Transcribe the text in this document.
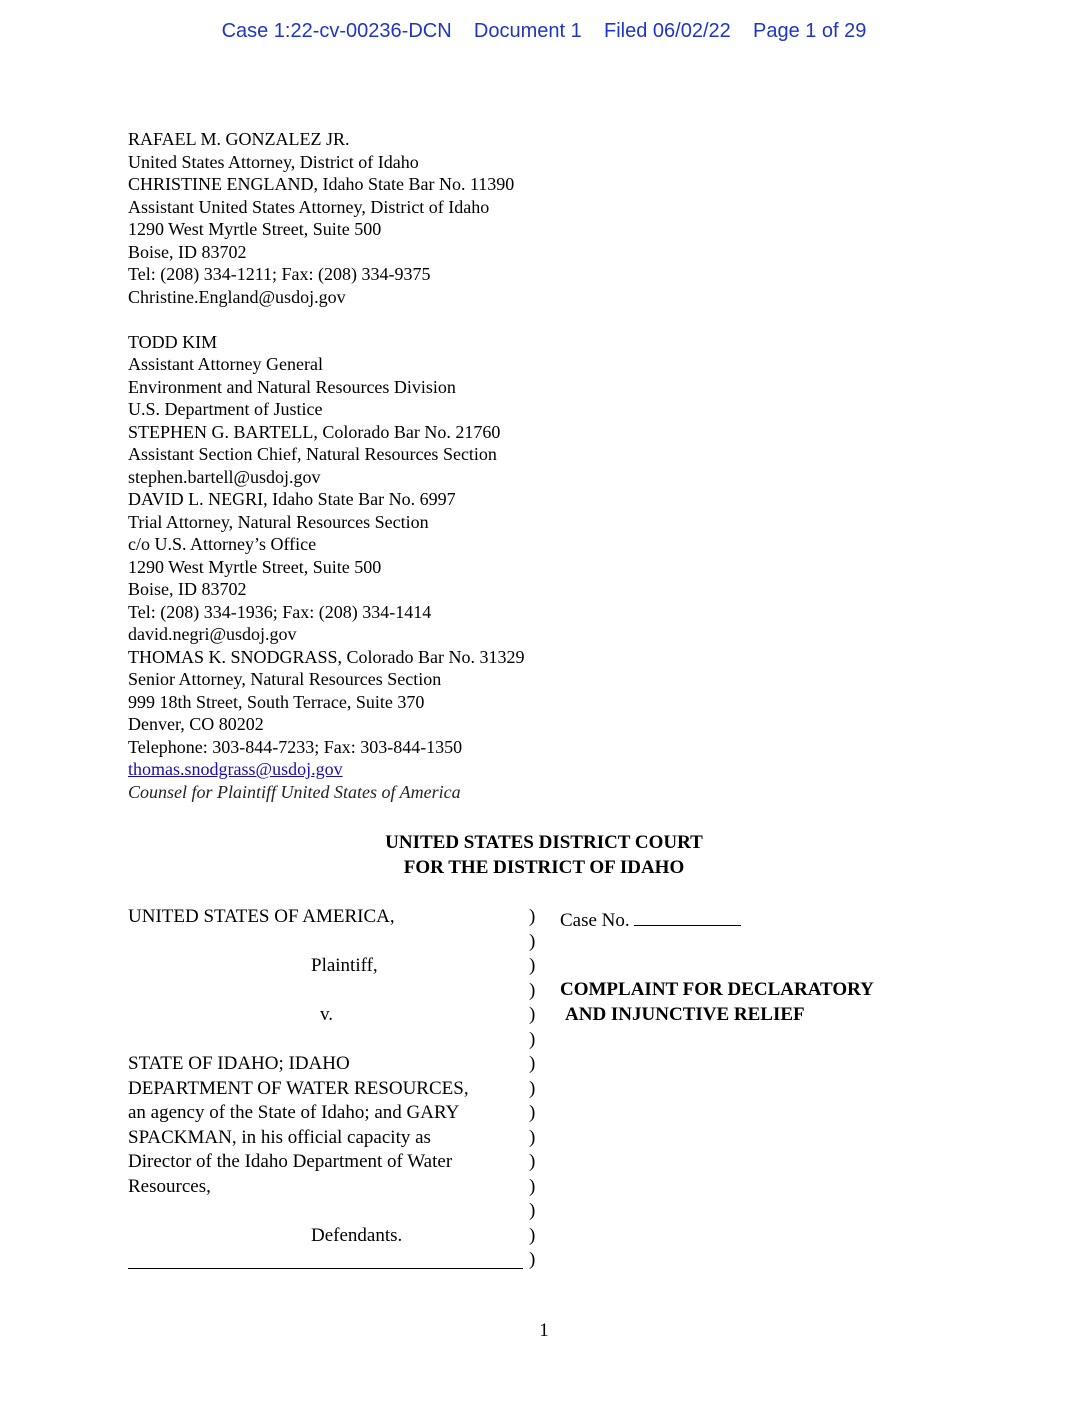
Case 1:22-cv-00236-DCN Document 1 Filed 06/02/22 Page 1 of 29
RAFAEL M. GONZALEZ JR.
United States Attorney, District of Idaho
CHRISTINE ENGLAND, Idaho State Bar No. 11390
Assistant United States Attorney, District of Idaho
1290 West Myrtle Street, Suite 500
Boise, ID 83702
Tel: (208) 334-1211; Fax: (208) 334-9375
Christine.England@usdoj.gov
TODD KIM
Assistant Attorney General
Environment and Natural Resources Division
U.S. Department of Justice
STEPHEN G. BARTELL, Colorado Bar No. 21760
Assistant Section Chief, Natural Resources Section
stephen.bartell@usdoj.gov
DAVID L. NEGRI, Idaho State Bar No. 6997
Trial Attorney, Natural Resources Section
c/o U.S. Attorney’s Office
1290 West Myrtle Street, Suite 500
Boise, ID 83702
Tel: (208) 334-1936; Fax: (208) 334-1414
david.negri@usdoj.gov
THOMAS K. SNODGRASS, Colorado Bar No. 31329
Senior Attorney, Natural Resources Section
999 18th Street, South Terrace, Suite 370
Denver, CO 80202
Telephone: 303-844-7233; Fax: 303-844-1350
thomas.snodgrass@usdoj.gov
Counsel for Plaintiff United States of America
UNITED STATES DISTRICT COURT
FOR THE DISTRICT OF IDAHO
UNITED STATES OF AMERICA,
Plaintiff,
v.
STATE OF IDAHO; IDAHO
DEPARTMENT OF WATER RESOURCES,
an agency of the State of Idaho; and GARY
SPACKMAN, in his official capacity as
Director of the Idaho Department of Water
Resources,
Defendants.
)
)
)
)
)
)
)
)
)
)
)
)
)
)
)
Case No.
COMPLAINT FOR DECLARATORY
AND INJUNCTIVE RELIEF
1
